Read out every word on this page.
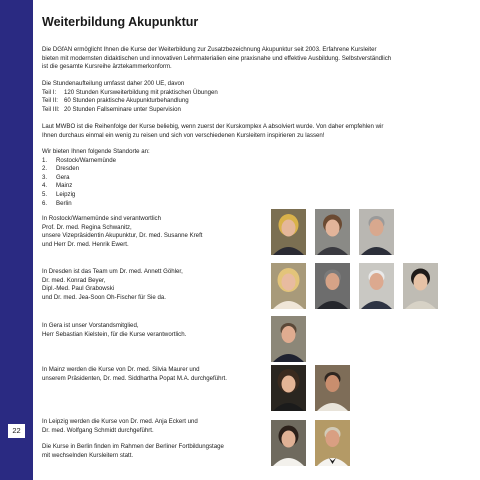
22
Weiterbildung Akupunktur

Die DGfAN ermöglicht Ihnen die Kurse der Weiterbildung zur Zusatzbezeichnung Akupunktur seit 2003. Erfahrene Kursleiter

bieten mit modernsten didaktischen und innovativen Lehrmaterialien eine praxisnahe und effektive Ausbildung. Selbstverständlich

ist die gesamte Kursreihe ärztekammerkonform.

Die Stundenaufteilung umfasst daher 200 UE, davon

Teil I: 120 Stunden Kursweiterbildung mit praktischen Übungen

Teil II: 60 Stunden praktische Akupunkturbehandlung

Teil III: 20 Stunden Fallseminare unter Supervision

Laut MWBO ist die Reihenfolge der Kurse beliebig, wenn zuerst der Kurskomplex A absolviert wurde. Von daher empfehlen wir

Ihnen durchaus einmal ein wenig zu reisen und sich von verschiedenen Kursleitern inspirieren zu lassen!

Wir bieten Ihnen folgende Standorte an:

1. Rostock/Warnemünde

2. Dresden

3. Gera

4. Mainz

5. Leipzig

6. Berlin

In Rostock/Warnemünde sind verantwortlich

Prof. Dr. med. Regina Schwanitz,

unsere Vizepräsidentin Akupunktur, Dr. med. Susanne Kreft

und Herr Dr. med. Henrik Ewert.

In Dresden ist das Team um Dr. med. Annett Göhler,

Dr. med. Konrad Beyer,

Dipl.-Med. Paul Grabowski

und Dr. med. Jea-Soon Oh-Fischer für Sie da.

In Gera ist unser Vorstandsmitglied,

Herr Sebastian Kielstein, für die Kurse verantwortlich.

In Mainz werden die Kurse von Dr. med. Silvia Maurer und

unserem Präsidenten, Dr. med. Siddhartha Popat M.A. durchgeführt.

In Leipzig werden die Kurse von Dr. med. Anja Eckert und

Dr. med. Wolfgang Schmidt durchgeführt.

Die Kurse in Berlin finden im Rahmen der Berliner Fortbildungstage

mit wechselnden Kursleitern statt.
